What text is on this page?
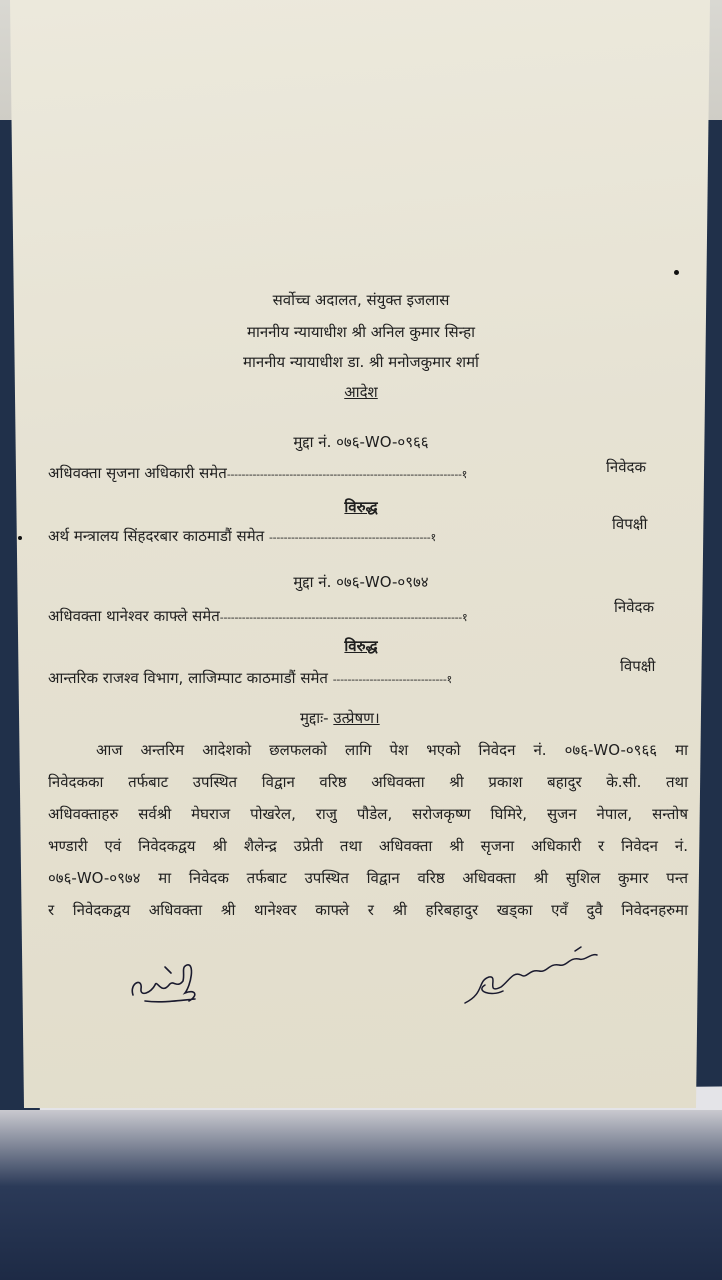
सर्वोच्च अदालत, संयुक्त इजलास
माननीय न्यायाधीश श्री अनिल कुमार सिन्हा
माननीय न्यायाधीश डा. श्री मनोजकुमार शर्मा
आदेश
मुद्दा नं. ०७६-WO-०९६६
अधिवक्ता सृजना अधिकारी समेत----------------------------------------------------------------१	निवेदक
विरुद्ध
अर्थ मन्त्रालय सिंहदरबार काठमाडौं समेत --------------------------------------------१
विपक्षी
मुद्दा नं. ०७६-WO-०९७४
अधिवक्ता थानेश्वर काफ्ले समेत------------------------------------------------------------------१
निवेदक
विरुद्ध
आन्तरिक राजश्व विभाग, लाजिम्पाट काठमाडौं समेत -------------------------------१
विपक्षी
मुद्दाः- उत्प्रेषण।
आज अन्तरिम आदेशको छलफलको लागि पेश भएको निवेदन नं. ०७६-WO-०९६६ मा
निवेदकका तर्फबाट उपस्थित विद्वान वरिष्ठ अधिवक्ता श्री प्रकाश बहादुर के.सी. तथा
अधिवक्ताहरु सर्वश्री मेघराज पोखरेल, राजु पौडेल, सरोजकृष्ण घिमिरे, सुजन नेपाल, सन्तोष
भण्डारी एवं निवेदकद्वय श्री शैलेन्द्र उप्रेती तथा अधिवक्ता श्री सृजना अधिकारी र निवेदन नं.
०७६-WO-०९७४ मा निवेदक तर्फबाट उपस्थित विद्वान वरिष्ठ अधिवक्ता श्री सुशिल कुमार पन्त
र निवेदकद्वय अधिवक्ता श्री थानेश्वर काफ्ले र श्री हरिबहादुर खड्का एवँ दुवै निवेदनहरुमा
